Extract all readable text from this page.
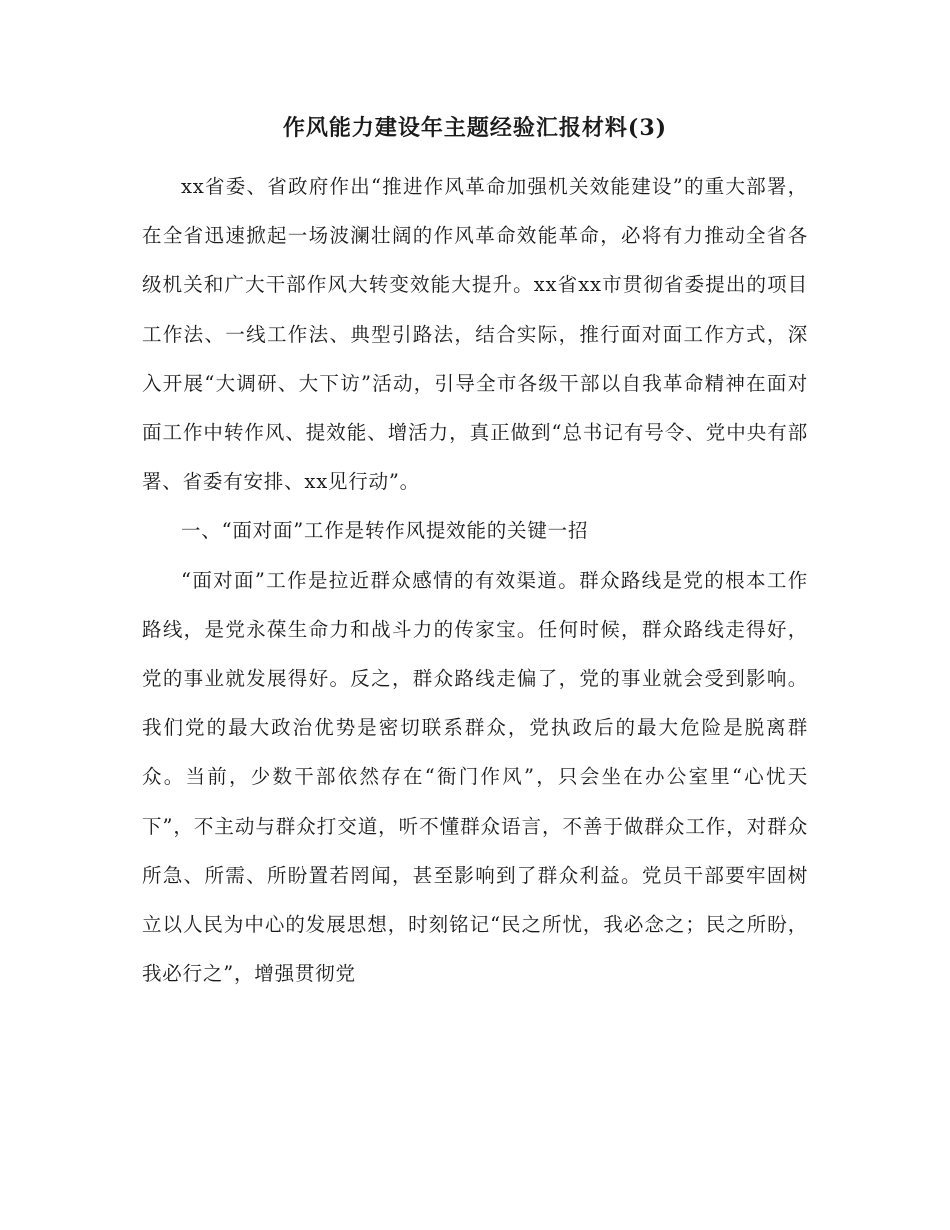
作风能力建设年主题经验汇报材料(3)

xx省委、省政府作出“推进作风革命加强机关效能建设”的重大部署，在全省迅速掀起一场波澜壮阔的作风革命效能革命，必将有力推动全省各级机关和广大干部作风大转变效能大提升。xx省xx市贯彻省委提出的项目工作法、一线工作法、典型引路法，结合实际，推行面对面工作方式，深入开展“大调研、大下访”活动，引导全市各级干部以自我革命精神在面对面工作中转作风、提效能、增活力，真正做到“总书记有号令、党中央有部署、省委有安排、xx见行动”。

一、“面对面”工作是转作风提效能的关键一招

“面对面”工作是拉近群众感情的有效渠道。群众路线是党的根本工作路线，是党永葆生命力和战斗力的传家宝。任何时候，群众路线走得好，党的事业就发展得好。反之，群众路线走偏了，党的事业就会受到影响。我们党的最大政治优势是密切联系群众，党执政后的最大危险是脱离群众。当前，少数干部依然存在“衙门作风”，只会坐在办公室里“心忧天下”，不主动与群众打交道，听不懂群众语言，不善于做群众工作，对群众所急、所需、所盼置若罔闻，甚至影响到了群众利益。党员干部要牢固树立以人民为中心的发展思想，时刻铭记“民之所忧，我必念之；民之所盼，我必行之”，增强贯彻党
